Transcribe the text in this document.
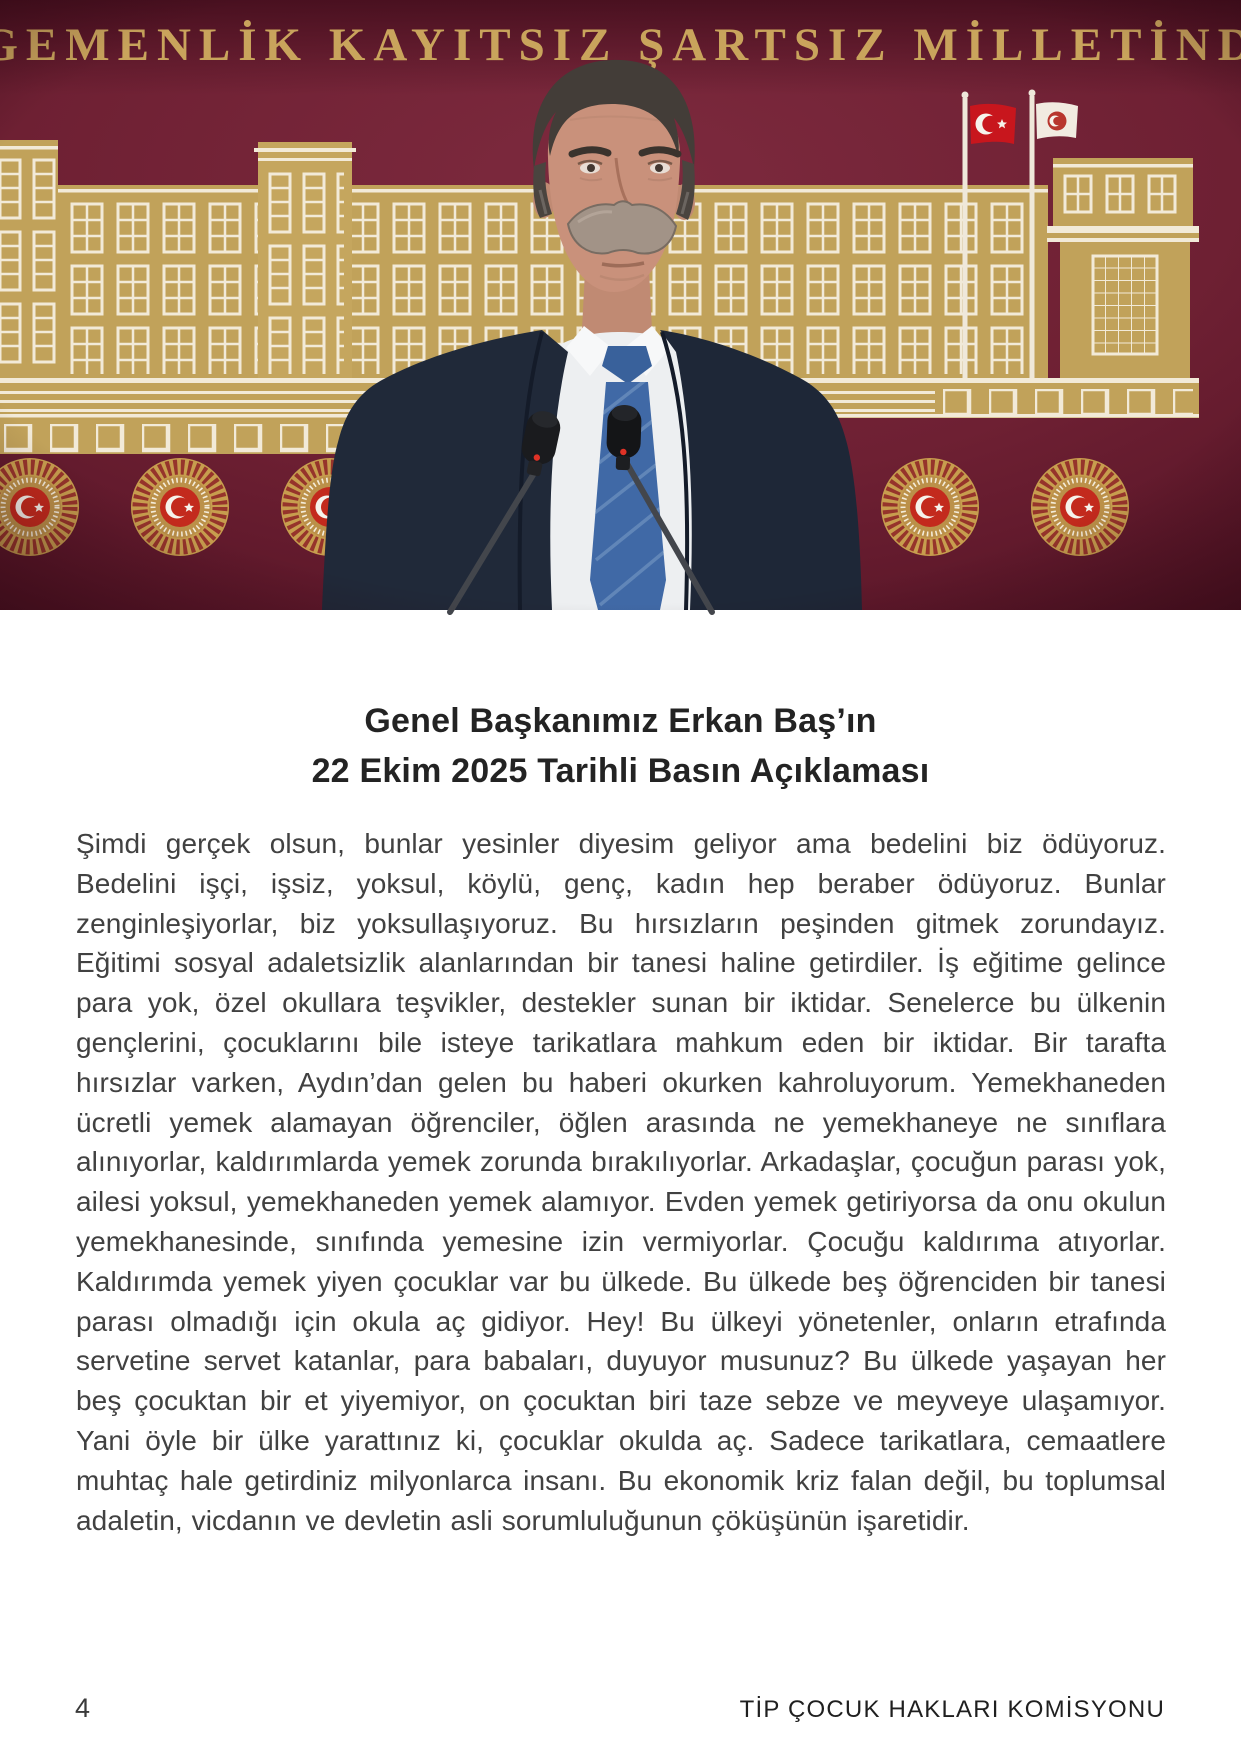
Genel Başkanımız Erkan Baş’ın
22 Ekim 2025 Tarihli Basın Açıklaması

Şimdi gerçek olsun, bunlar yesinler diyesim geliyor ama bedelini biz ödüyoruz. Bedelini işçi, işsiz, yoksul, köylü, genç, kadın hep beraber ödüyoruz. Bunlar zenginleşiyorlar, biz yoksullaşıyoruz. Bu hırsızların peşinden gitmek zorundayız. Eğitimi sosyal adaletsizlik alanlarından bir tanesi haline getirdiler. İş eğitime gelince para yok, özel okullara teşvikler, destekler sunan bir iktidar. Senelerce bu ülkenin gençlerini, çocuklarını bile isteye tarikatlara mahkum eden bir iktidar. Bir tarafta hırsızlar varken, Aydın’dan gelen bu haberi okurken kahroluyorum. Yemekhaneden ücretli yemek alamayan öğrenciler, öğlen arasında ne yemekhaneye ne sınıflara alınıyorlar, kaldırımlarda yemek zorunda bırakılıyorlar. Arkadaşlar, çocuğun parası yok, ailesi yoksul, yemekhaneden yemek alamıyor. Evden yemek getiriyorsa da onu okulun yemekhanesinde, sınıfında yemesine izin vermiyorlar. Çocuğu kaldırıma atıyorlar. Kaldırımda yemek yiyen çocuklar var bu ülkede. Bu ülkede beş öğrenciden bir tanesi parası olmadığı için okula aç gidiyor. Hey! Bu ülkeyi yönetenler, onların etrafında servetine servet katanlar, para babaları, duyuyor musunuz? Bu ülkede yaşayan her beş çocuktan bir et yiyemiyor, on çocuktan biri taze sebze ve meyveye ulaşamıyor. Yani öyle bir ülke yarattınız ki, çocuklar okulda aç. Sadece tarikatlara, cemaatlere muhtaç hale getirdiniz milyonlarca insanı. Bu ekonomik kriz falan değil, bu toplumsal adaletin, vicdanın ve devletin asli sorumluluğunun çöküşünün işaretidir.

4	TİP ÇOCUK HAKLARI KOMİSYONU
